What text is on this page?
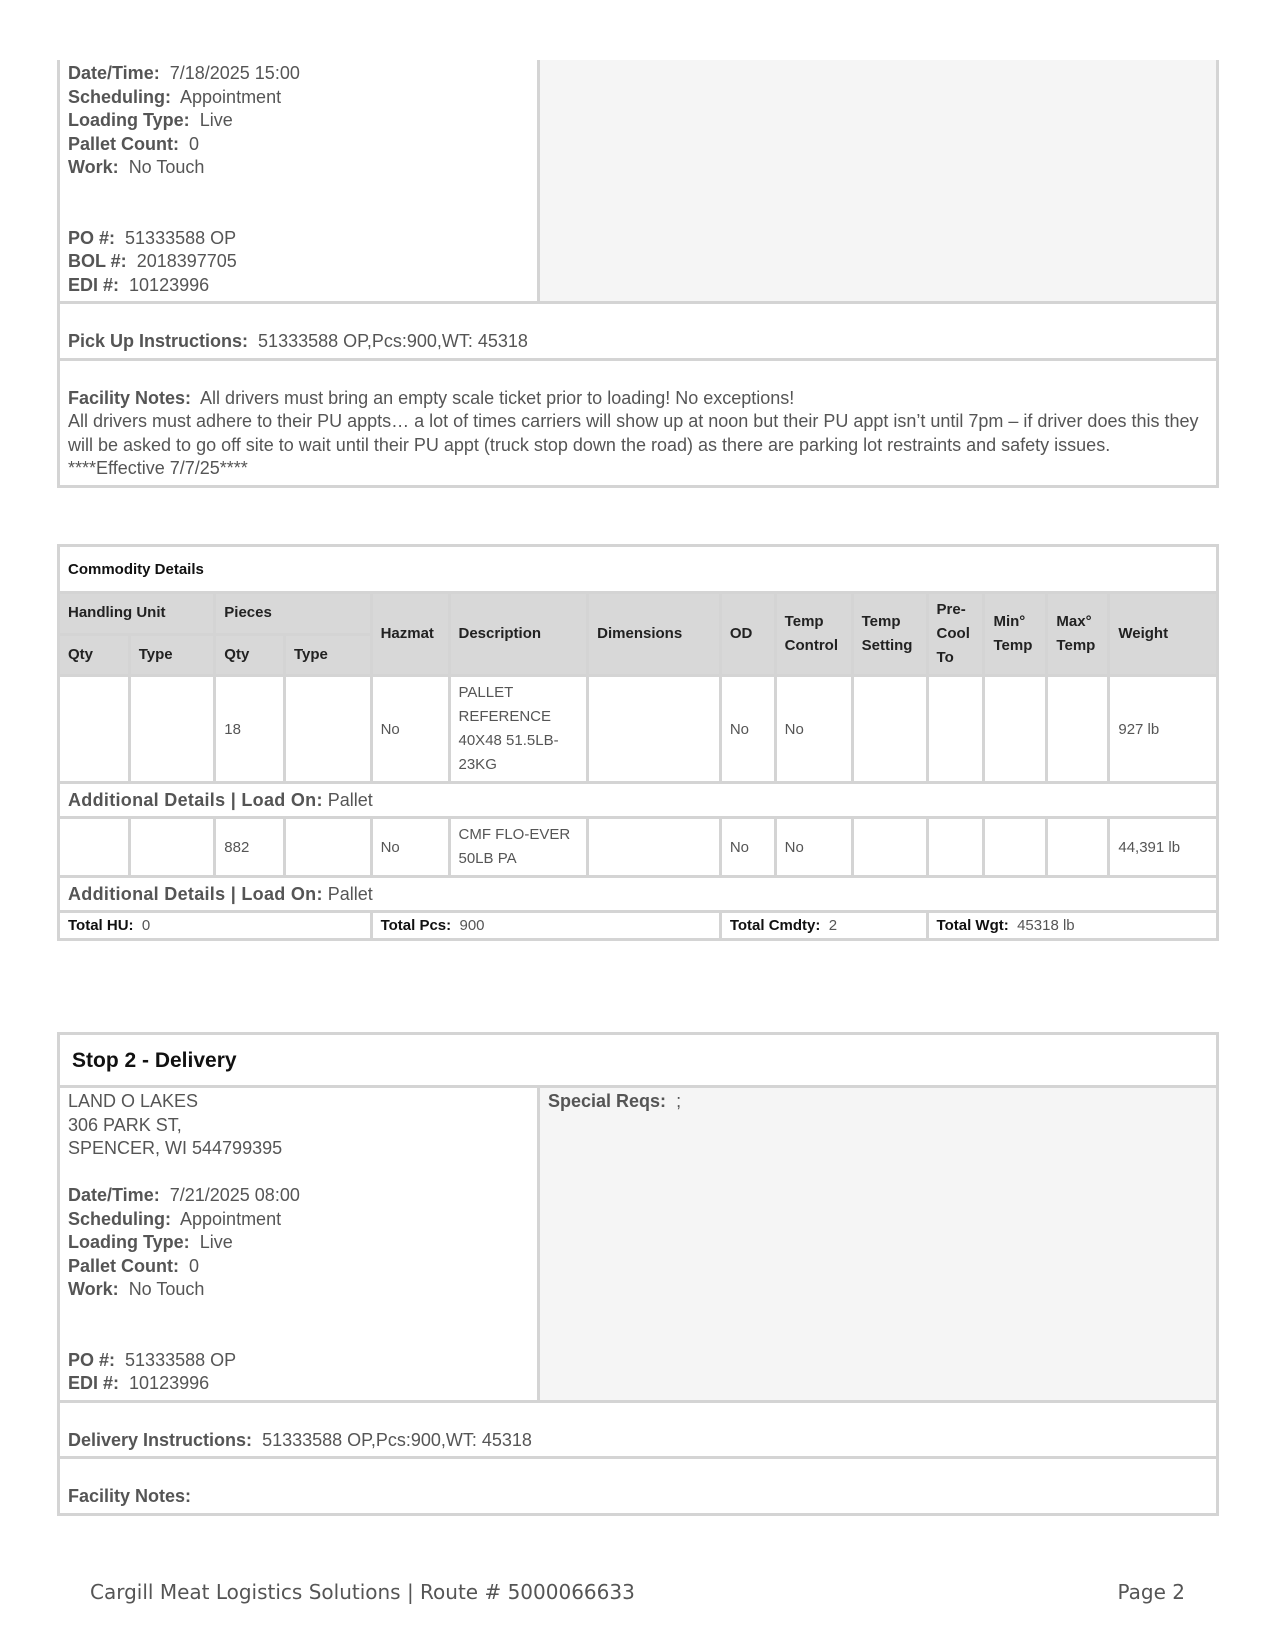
Date/Time: 7/18/2025 15:00
Scheduling: Appointment
Loading Type: Live
Pallet Count: 0
Work: No Touch
PO #: 51333588 OP
BOL #: 2018397705
EDI #: 10123996
Pick Up Instructions: 51333588 OP,Pcs:900,WT: 45318
Facility Notes: All drivers must bring an empty scale ticket prior to loading! No exceptions!
All drivers must adhere to their PU appts… a lot of times carriers will show up at noon but their PU appt isn’t until 7pm – if driver does this they will be asked to go off site to wait until their PU appt (truck stop down the road) as there are parking lot restraints and safety issues.
****Effective 7/7/25****
Commodity Details													
Handling Unit		Pieces		Hazmat	Description	Dimensions	OD	Temp Control	Temp Setting	Pre-Cool To	Min° Temp	Max° Temp	Weight
Qty	Type	Qty	Type										
		18		No	PALLET REFERENCE 40X48 51.5LB-23KG		No	No					927 lb
Additional Details | Load On: Pallet													
		882		No	CMF FLO-EVER 50LB PA		No	No					44,391 lb
Additional Details | Load On: Pallet													
Total HU: 0				Total Pcs: 900			Total Cmdty: 2			Total Wgt: 45318 lb			
Stop 2 - Delivery
LAND O LAKES
306 PARK ST,
SPENCER, WI 544799395
Date/Time: 7/21/2025 08:00
Scheduling: Appointment
Loading Type: Live
Pallet Count: 0
Work: No Touch
PO #: 51333588 OP
EDI #: 10123996
Special Reqs: ;
Delivery Instructions: 51333588 OP,Pcs:900,WT: 45318
Facility Notes:
Cargill Meat Logistics Solutions | Route # 5000066633	Page 2
